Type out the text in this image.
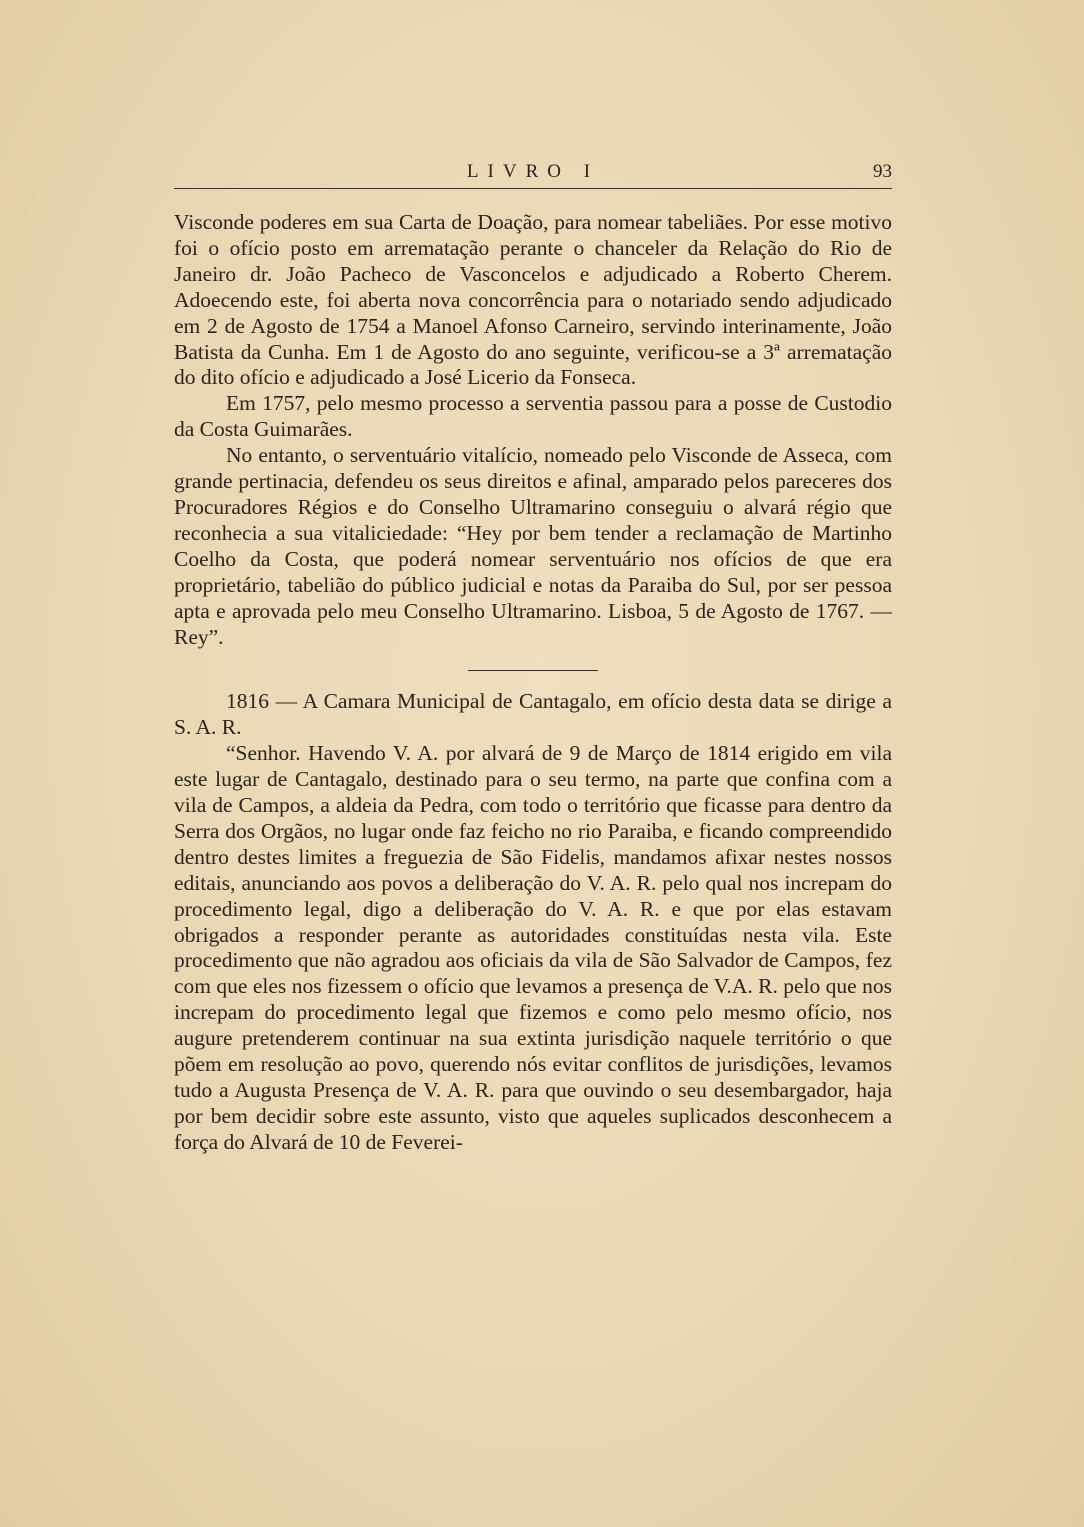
LIVRO I	93

Visconde poderes em sua Carta de Doação, para nomear tabeliães. Por esse motivo foi o ofício posto em arrematação perante o chanceler da Relação do Rio de Janeiro dr. João Pacheco de Vasconcelos e adjudicado a Roberto Cherem. Adoecendo este, foi aberta nova concorrência para o notariado sendo adjudicado em 2 de Agosto de 1754 a Manoel Afonso Carneiro, servindo interinamente, João Batista da Cunha. Em 1 de Agosto do ano seguinte, verificou-se a 3ª arrematação do dito ofício e adjudicado a José Licerio da Fonseca.

Em 1757, pelo mesmo processo a serventia passou para a posse de Custodio da Costa Guimarães.

No entanto, o serventuário vitalício, nomeado pelo Visconde de Asseca, com grande pertinacia, defendeu os seus direitos e afinal, amparado pelos pareceres dos Procuradores Régios e do Conselho Ultramarino conseguiu o alvará régio que reconhecia a sua vitaliciedade: “Hey por bem tender a reclamação de Martinho Coelho da Costa, que poderá nomear serventuário nos ofícios de que era proprietário, tabelião do público judicial e notas da Paraiba do Sul, por ser pessoa apta e aprovada pelo meu Conselho Ultramarino. Lisboa, 5 de Agosto de 1767. — Rey”.

1816 — A Camara Municipal de Cantagalo, em ofício desta data se dirige a S. A. R.

“Senhor. Havendo V. A. por alvará de 9 de Março de 1814 erigido em vila este lugar de Cantagalo, destinado para o seu termo, na parte que confina com a vila de Campos, a aldeia da Pedra, com todo o território que ficasse para dentro da Serra dos Orgãos, no lugar onde faz feicho no rio Paraiba, e ficando compreendido dentro destes limites a freguezia de São Fidelis, mandamos afixar nestes nossos editais, anunciando aos povos a deliberação do V. A. R. pelo qual nos increpam do procedimento legal, digo a deliberação do V. A. R. e que por elas estavam obrigados a responder perante as autoridades constituídas nesta vila. Este procedimento que não agradou aos oficiais da vila de São Salvador de Campos, fez com que eles nos fizessem o ofício que levamos a presença de V.A. R. pelo que nos increpam do procedimento legal que fizemos e como pelo mesmo ofício, nos augure pretenderem continuar na sua extinta jurisdição naquele território o que põem em resolução ao povo, querendo nós evitar conflitos de jurisdições, levamos tudo a Augusta Presença de V. A. R. para que ouvindo o seu desembargador, haja por bem decidir sobre este assunto, visto que aqueles suplicados desconhecem a força do Alvará de 10 de Feverei-
